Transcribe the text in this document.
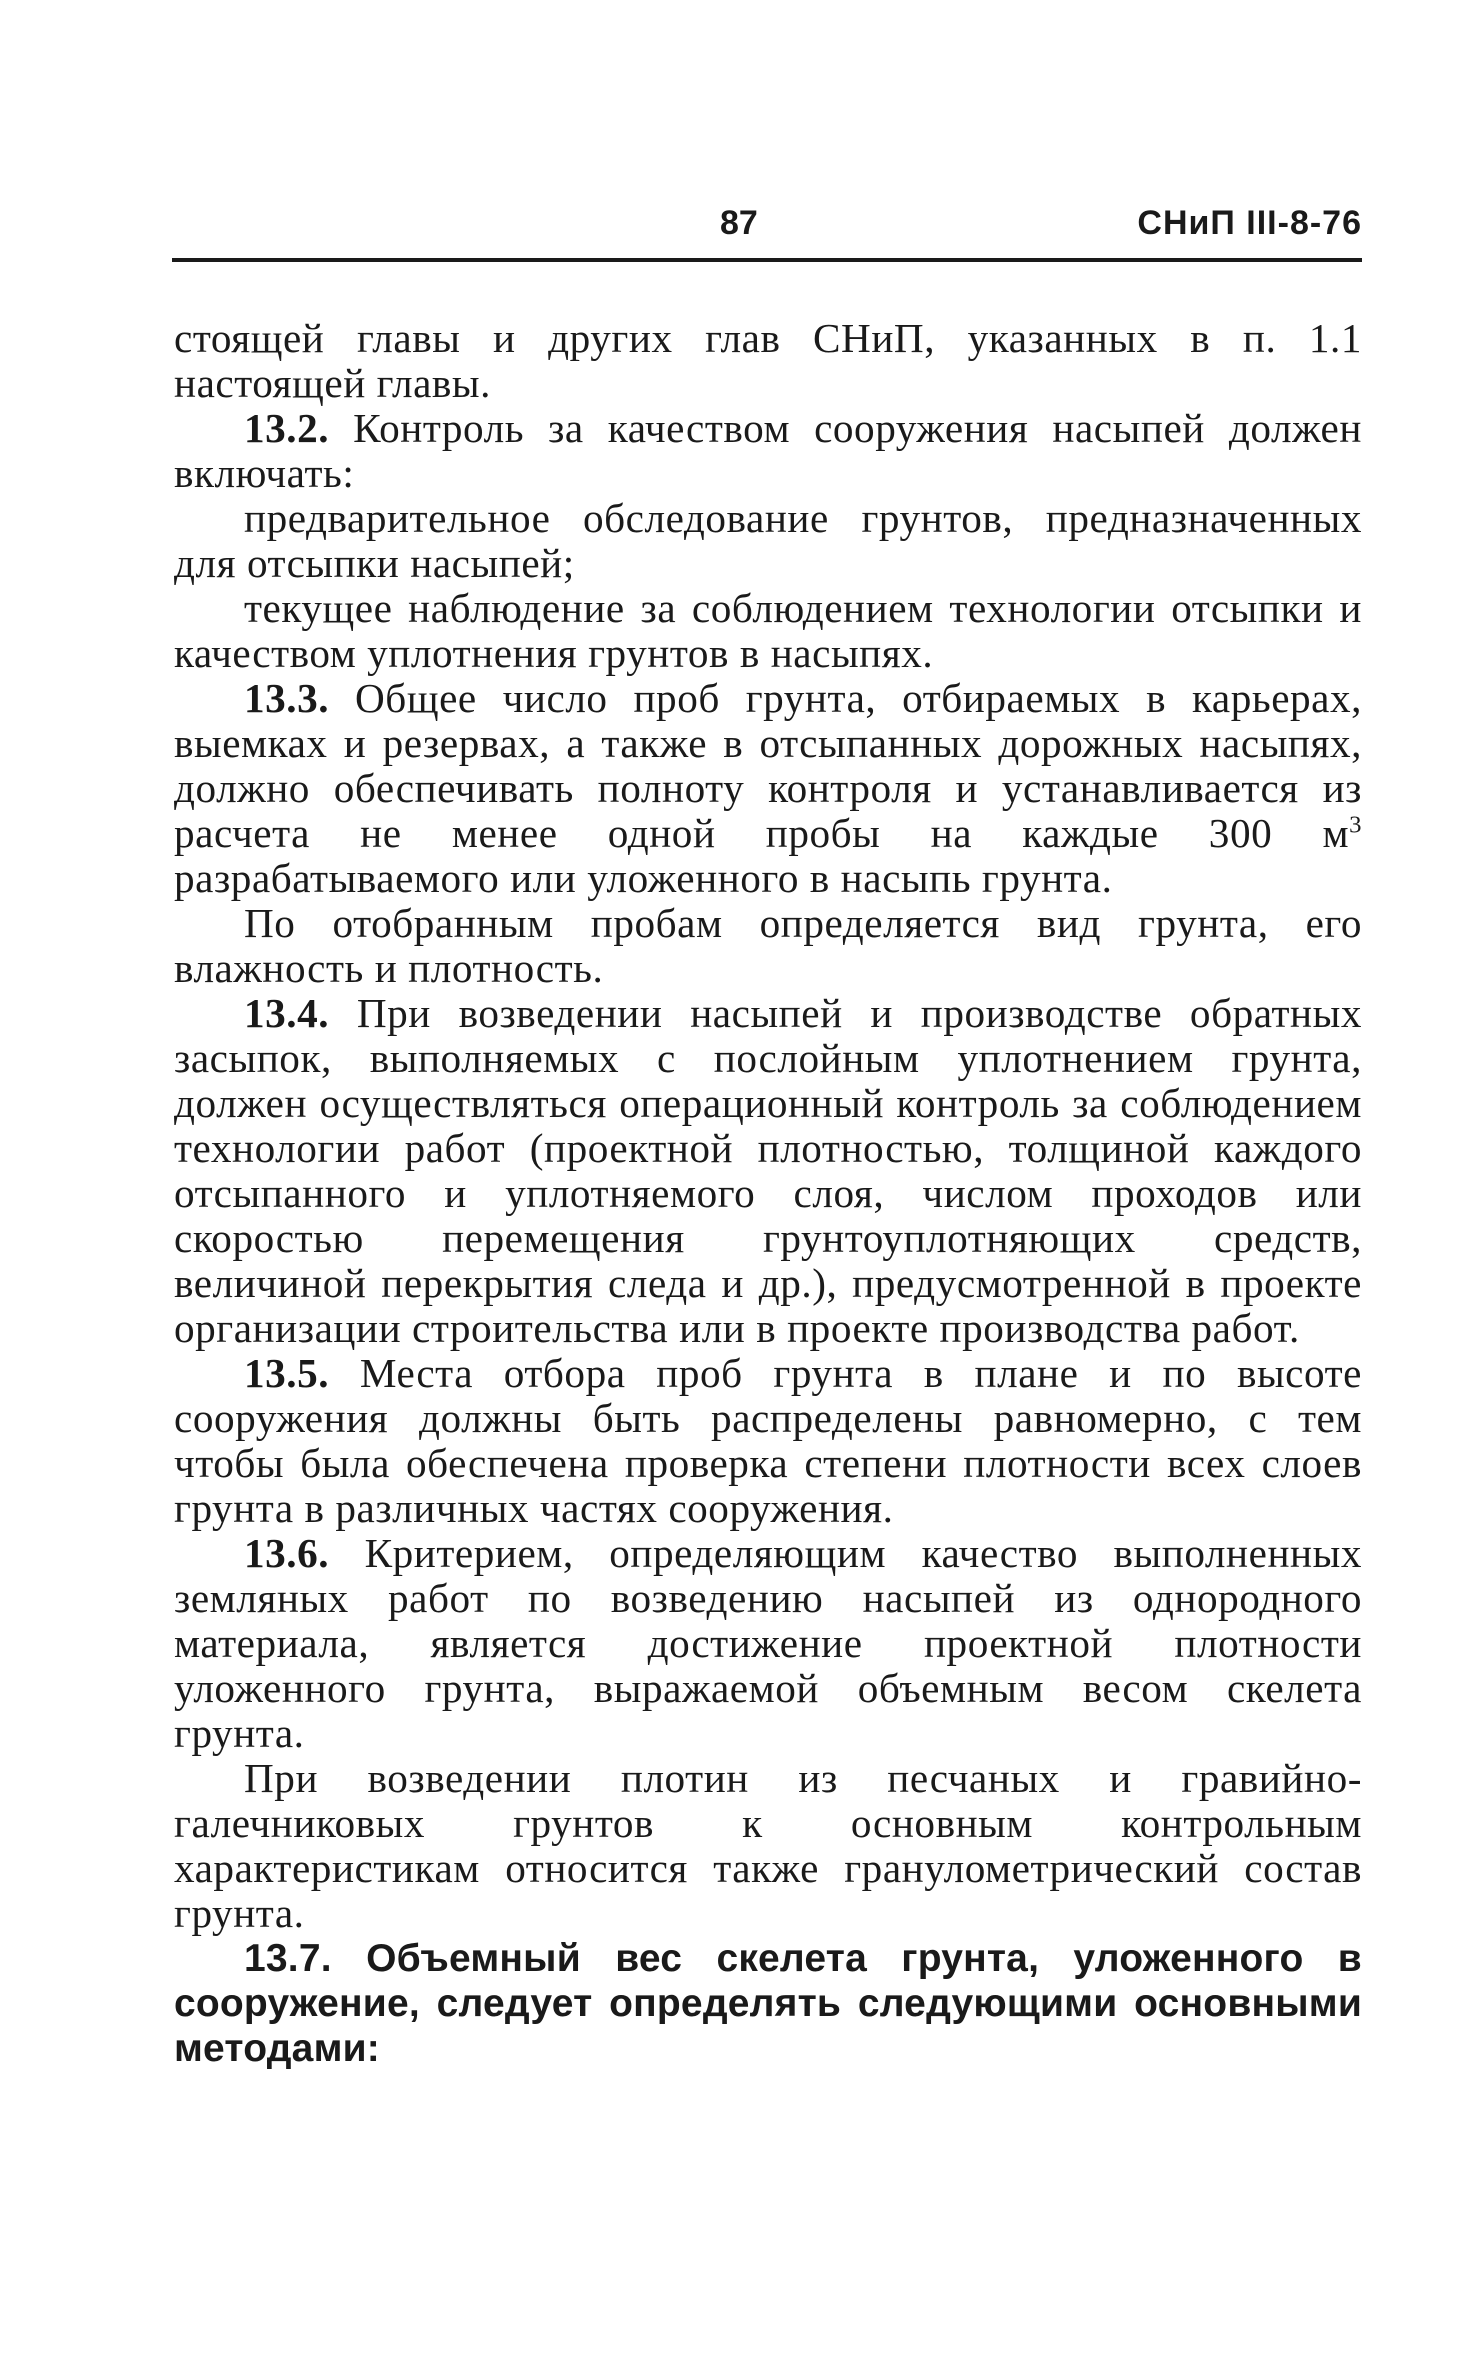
87	СНиП III-8-76

стоящей главы и других глав СНиП, указанных в п. 1.1 настоящей главы.

13.2. Контроль за качеством сооружения насыпей должен включать:

предварительное обследование грунтов, предназначенных для отсыпки насыпей;

текущее наблюдение за соблюдением технологии отсыпки и качеством уплотнения грунтов в насыпях.

13.3. Общее число проб грунта, отбираемых в карьерах, выемках и резервах, а также в отсыпанных дорожных насыпях, должно обеспечивать полноту контроля и устанавливается из расчета не менее одной пробы на каждые 300 $м^3$ разрабатываемого или уложенного в насыпь грунта.

По отобранным пробам определяется вид грунта, его влажность и плотность.

13.4. При возведении насыпей и производстве обратных засыпок, выполняемых с послойным уплотнением грунта, должен осуществляться операционный контроль за соблюдением технологии работ (проектной плотностью, толщиной каждого отсыпанного и уплотняемого слоя, числом проходов или скоростью перемещения грунтоуплотняющих средств, величиной перекрытия следа и др.), предусмотренной в проекте организации строительства или в проекте производства работ.

13.5. Места отбора проб грунта в плане и по высоте сооружения должны быть распределены равномерно, с тем чтобы была обеспечена проверка степени плотности всех слоев грунта в различных частях сооружения.

13.6. Критерием, определяющим качество выполненных земляных работ по возведению насыпей из однородного материала, является достижение проектной плотности уложенного грунта, выражаемой объемным весом скелета грунта.

При возведении плотин из песчаных и гравийно-галечниковых грунтов к основным контрольным характеристикам относится также гранулометрический состав грунта.

13.7. Объемный вес скелета грунта, уложенного в сооружение, следует определять следующими основными методами:
